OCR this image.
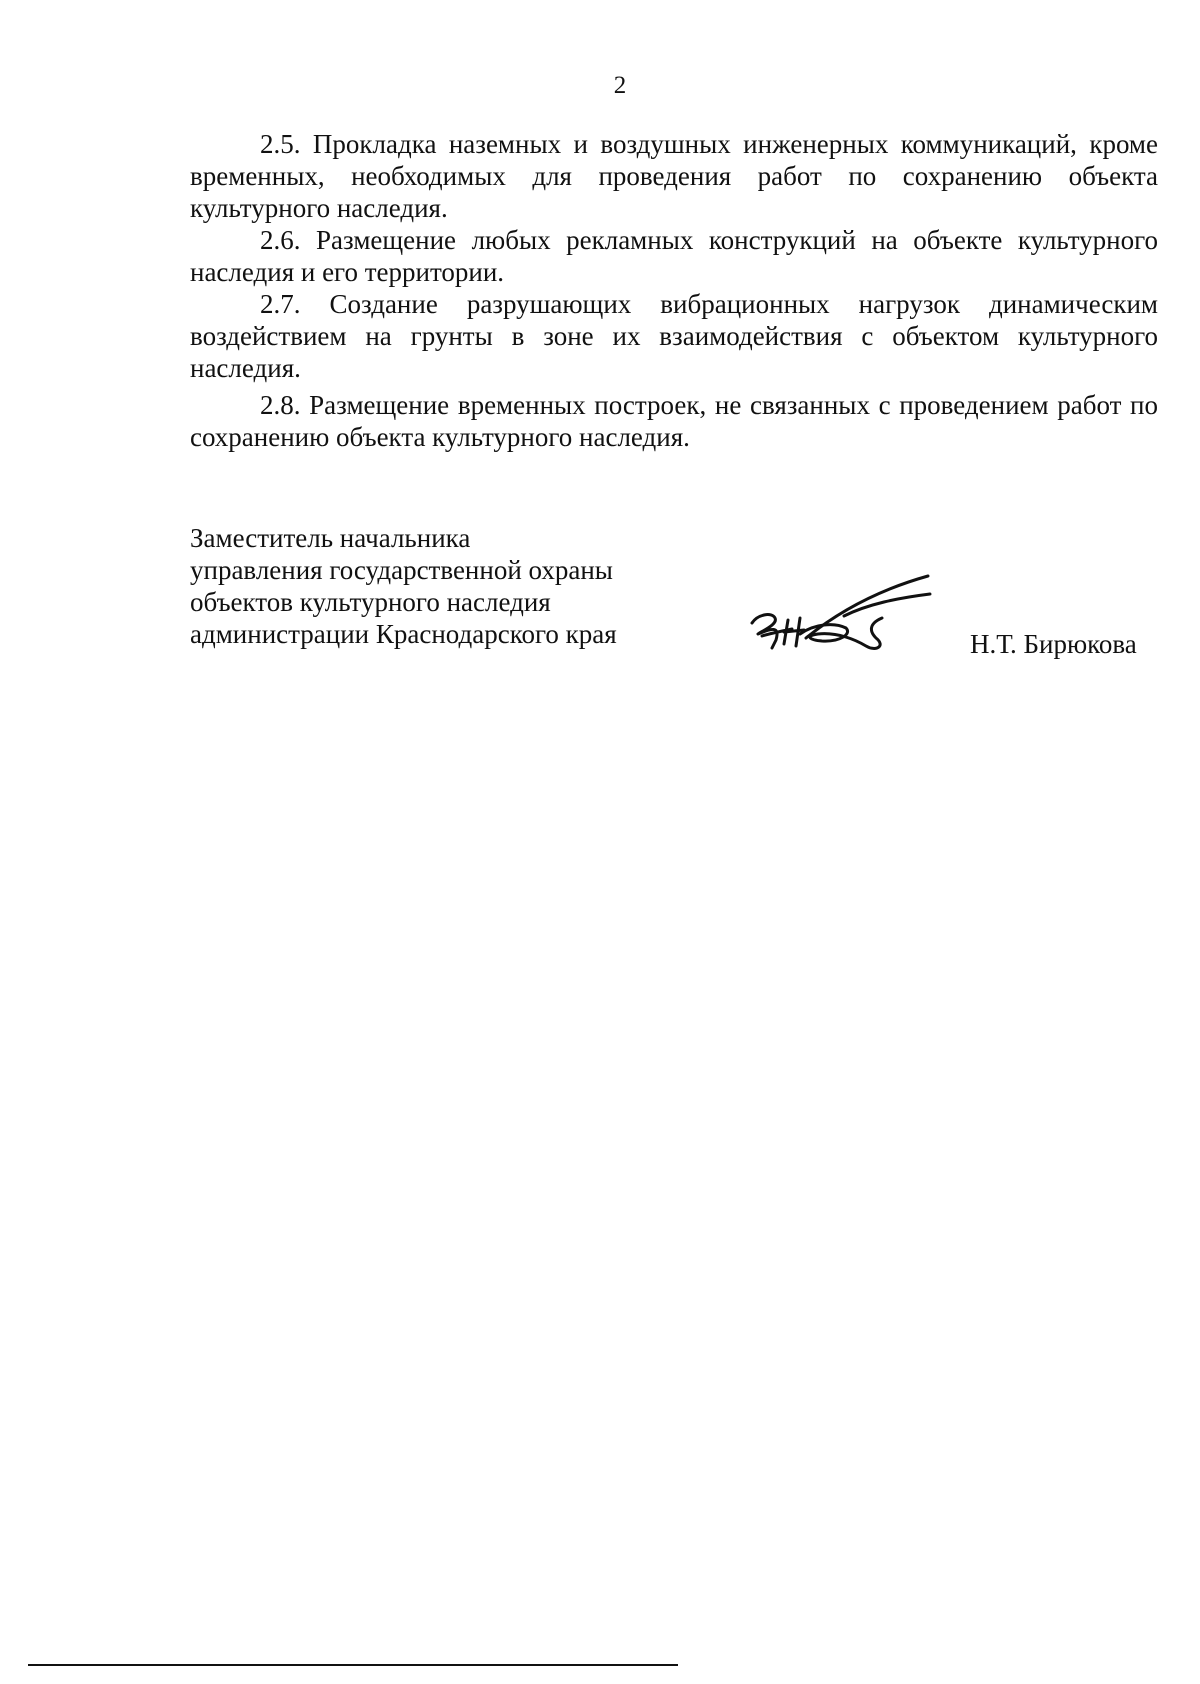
2

2.5. Прокладка наземных и воздушных инженерных коммуникаций, кроме временных, необходимых для проведения работ по сохранению объекта культурного наследия.

2.6. Размещение любых рекламных конструкций на объекте культурного наследия и его территории.

2.7. Создание разрушающих вибрационных нагрузок динамическим воздействием на грунты в зоне их взаимодействия с объектом культурного наследия.

2.8. Размещение временных построек, не связанных с проведением работ по сохранению объекта культурного наследия.

Заместитель начальника
управления государственной охраны
объектов культурного наследия
администрации Краснодарского края	Н.Т. Бирюкова
